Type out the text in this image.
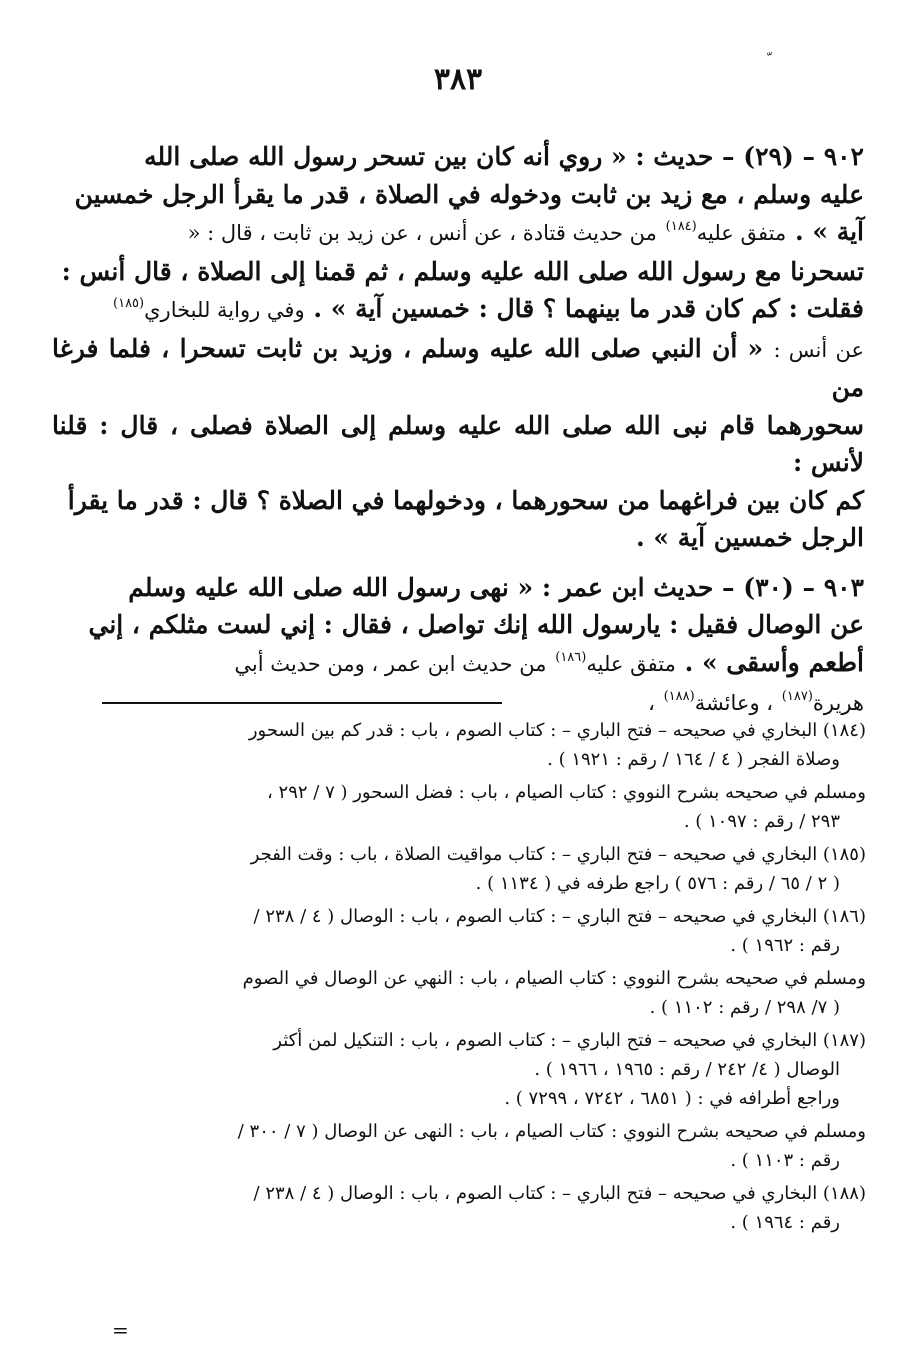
٣٨٣
٩٠٢ – (٢٩) – حديث : « روي أنه كان بين تسحر رسول الله صلى الله
عليه وسلم ، مع زيد بن ثابت ودخوله في الصلاة ، قدر ما يقرأ الرجل خمسين
آية » . متفق عليه$^{(١٨٤)}$ من حديث قتادة ، عن أنس ، عن زيد بن ثابت ، قال : «
تسحرنا مع رسول الله صلى الله عليه وسلم ، ثم قمنا إلى الصلاة ، قال أنس :
فقلت : كم كان قدر ما بينهما ؟ قال : خمسين آية » . وفي رواية للبخاري$^{(١٨٥)}$
عن أنس : « أن النبي صلى الله عليه وسلم ، وزيد بن ثابت تسحرا ، فلما فرغا من
سحورهما قام نبى الله صلى الله عليه وسلم إلى الصلاة فصلى ، قال : قلنا لأنس :
كم كان بين فراغهما من سحورهما ، ودخولهما في الصلاة ؟ قال : قدر ما يقرأ
الرجل خمسين آية » .
٩٠٣ – (٣٠) – حديث ابن عمر : « نهى رسول الله صلى الله عليه وسلم
عن الوصال فقيل : يارسول الله إنك تواصل ، فقال : إني لست مثلكم ، إني
أطعم وأسقى » . متفق عليه$^{(١٨٦)}$ من حديث ابن عمر ، ومن حديث أبي
هريرة$^{(١٨٧)}$ ، وعائشة$^{(١٨٨)}$ ،
(١٨٤) البخاري في صحيحه – فتح الباري – : كتاب الصوم ، باب : قدر كم بين السحور
وصلاة الفجر ( ٤ / ١٦٤ / رقم : ١٩٢١ ) .
ومسلم في صحيحه بشرح النووي : كتاب الصيام ، باب : فضل السحور ( ٧ / ٢٩٢ ،
٢٩٣ / رقم : ١٠٩٧ ) .
(١٨٥) البخاري في صحيحه – فتح الباري – : كتاب مواقيت الصلاة ، باب : وقت الفجر
( ٢ / ٦٥ / رقم : ٥٧٦ ) راجع طرفه في ( ١١٣٤ ) .
(١٨٦) البخاري في صحيحه – فتح الباري – : كتاب الصوم ، باب : الوصال ( ٤ / ٢٣٨ /
رقم : ١٩٦٢ ) .
ومسلم في صحيحه بشرح النووي : كتاب الصيام ، باب : النهي عن الوصال في الصوم
( ٧/ ٢٩٨ / رقم : ١١٠٢ ) .
(١٨٧) البخاري في صحيحه – فتح الباري – : كتاب الصوم ، باب : التنكيل لمن أكثر
الوصال ( ٤/ ٢٤٢ / رقم : ١٩٦٥ ، ١٩٦٦ ) .
وراجع أطرافه في : ( ٦٨٥١ ، ٧٢٤٢ ، ٧٢٩٩ ) .
ومسلم في صحيحه بشرح النووي : كتاب الصيام ، باب : النهى عن الوصال ( ٧ / ٣٠٠ /
رقم : ١١٠٣ ) .
(١٨٨) البخاري في صحيحه – فتح الباري – : كتاب الصوم ، باب : الوصال ( ٤ / ٢٣٨ /
رقم : ١٩٦٤ ) .
=
